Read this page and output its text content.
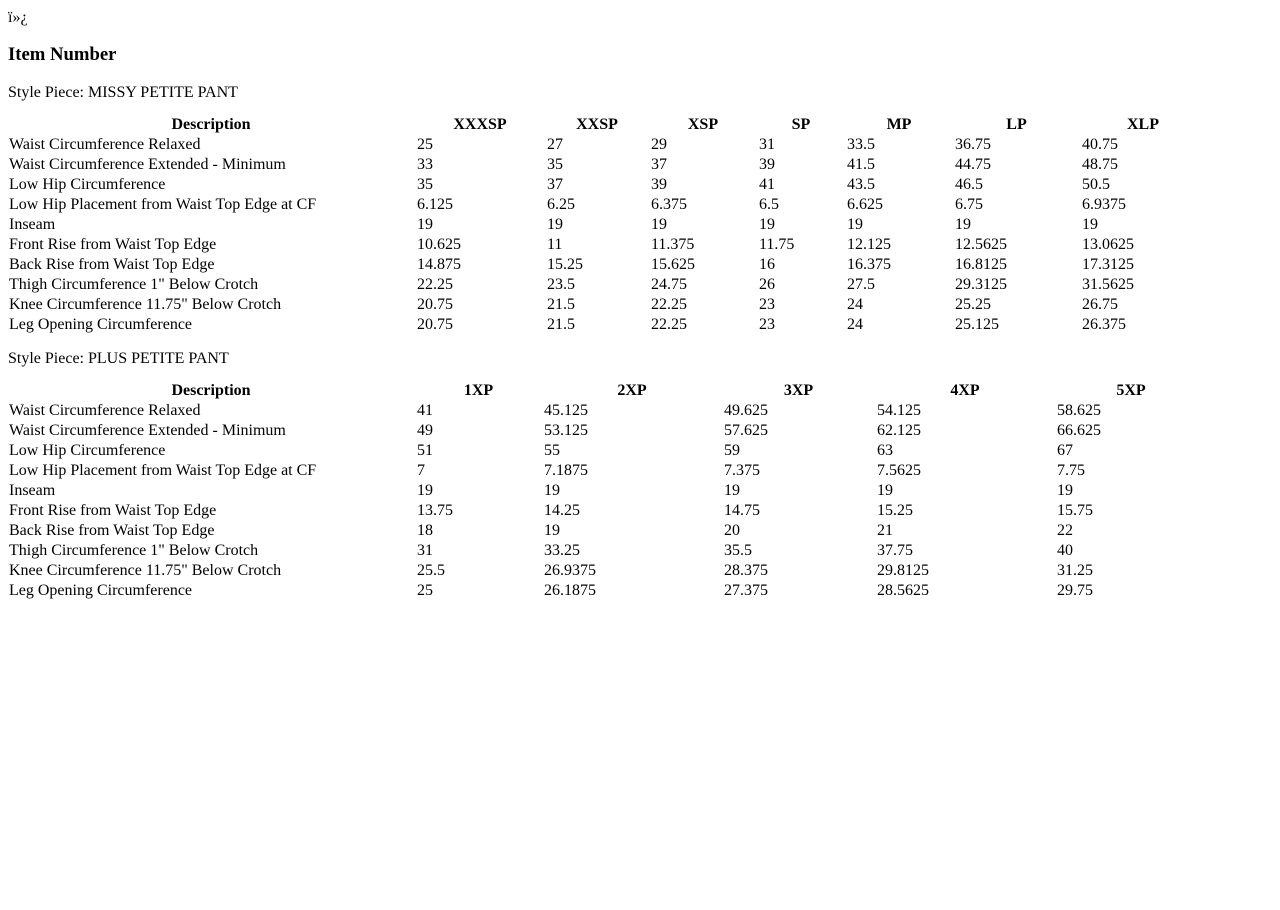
ï»¿
Item Number

Style Piece: MISSY PETITE PANT

Description	XXXSP	XXSP	XSP	SP	MP	LP	XLP
Waist Circumference Relaxed	25	27	29	31	33.5	36.75	40.75
Waist Circumference Extended - Minimum	33	35	37	39	41.5	44.75	48.75
Low Hip Circumference	35	37	39	41	43.5	46.5	50.5
Low Hip Placement from Waist Top Edge at CF	6.125	6.25	6.375	6.5	6.625	6.75	6.9375
Inseam	19	19	19	19	19	19	19
Front Rise from Waist Top Edge	10.625	11	11.375	11.75	12.125	12.5625	13.0625
Back Rise from Waist Top Edge	14.875	15.25	15.625	16	16.375	16.8125	17.3125
Thigh Circumference 1" Below Crotch	22.25	23.5	24.75	26	27.5	29.3125	31.5625
Knee Circumference 11.75" Below Crotch	20.75	21.5	22.25	23	24	25.25	26.75
Leg Opening Circumference	20.75	21.5	22.25	23	24	25.125	26.375

Style Piece: PLUS PETITE PANT

Description	1XP	2XP	3XP	4XP	5XP
Waist Circumference Relaxed	41	45.125	49.625	54.125	58.625
Waist Circumference Extended - Minimum	49	53.125	57.625	62.125	66.625
Low Hip Circumference	51	55	59	63	67
Low Hip Placement from Waist Top Edge at CF	7	7.1875	7.375	7.5625	7.75
Inseam	19	19	19	19	19
Front Rise from Waist Top Edge	13.75	14.25	14.75	15.25	15.75
Back Rise from Waist Top Edge	18	19	20	21	22
Thigh Circumference 1" Below Crotch	31	33.25	35.5	37.75	40
Knee Circumference 11.75" Below Crotch	25.5	26.9375	28.375	29.8125	31.25
Leg Opening Circumference	25	26.1875	27.375	28.5625	29.75
